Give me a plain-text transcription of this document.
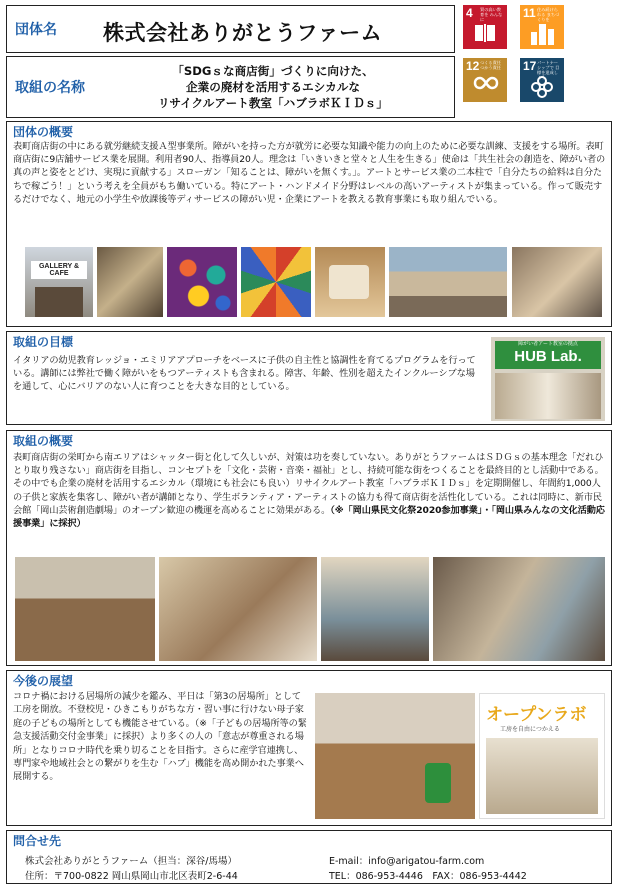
団体名 株式会社ありがとうファーム
取組の名称
「SDGｓな商店街」づくりに向けた、
企業の廃材を活用するエシカルな
リサイクルアート教室「ハブラボＫＩＤｓ」
4 質の高い教育を みんなに	11 住み続けられる まちづくりを
12 つくる責任 つかう責任	17 パートナーシップで 目標を達成しよう
団体の概要
表町商店街の中にある就労継続支援Ａ型事業所。障がいを持った方が就労に必要な知識や能力の向上のために必要な訓練、支援をする場所。表町商店街に9店舗サービス業を展開。利用者90人、指導員20人。理念は「いきいきと堂々と人生を生きる」使命は「共生社会の創造を、障がい者の真の声と姿をとどけ、実現に貢献する」スローガン「知ることは、障がいを無くす。」。アートとサービス業の二本柱で「自分たちの給料は自分たちで稼ごう！」という考えを全員がもち働いている。特にアート・ハンドメイド分野はレベルの高いアーティストが集まっている。作って販売するだけでなく、地元の小学生や放課後等ディサービスの障がい児・企業にアートを教える教育事業にも取り組んでいる。
GALLERY & CAFE
取組の目標
イタリアの幼児教育レッジョ・エミリアアプローチをベースに子供の自主性と協調性を育てるプログラムを行っている。講師には弊社で働く障がいをもつアーティストも含まれる。障害、年齢、性別を超えたインクルーシブな場を通して、心にバリアのない人に育つことを大きな目的としている。
障がい者アート教室の拠点
HUB Lab.
取組の概要
表町商店街の栄町から南エリアはシャッター街と化して久しいが、対策は功を奏していない。ありがとうファームはＳＤＧｓの基本理念「だれひとり取り残さない」商店街を目指し、コンセプトを「文化・芸術・音楽・福祉」とし、持続可能な街をつくることを最終目的とし活動中である。その中でも企業の廃材を活用するエシカル（環境にも社会にも良い）リサイクルアート教室「ハブラボＫＩＤｓ」を定期開催し、年間約1,000人の子供と家族を集客し、障がい者が講師となり、学生ボランティア・アーティストの協力も得て商店街を活性化している。これは同時に、新市民会館「岡山芸術創造劇場」のオープン歓迎の機運を高めることに効果がある。（※「岡山県民文化祭2020参加事業」・「岡山県みんなの文化活動応援事業」に採択）
今後の展望
コロナ禍における居場所の減少を鑑み、平日は「第3の居場所」として工房を開放。不登校児・ひきこもりがちな方・習い事に行けない母子家庭の子どもの場所としても機能させている。（※「子どもの居場所等の緊急支援活動交付金事業」に採択）より多くの人の「意志が尊重される場所」となりコロナ時代を乗り切ることを目指す。さらに産学官連携し、専門家や地域社会との繋がりを生む「ハブ」機能を高め開かれた事業へ展開する。
オープンラボ
工房を自由につかえる
問合せ先
株式会社ありがとうファーム（担当：深谷/馬場）
住所：〒700-0822 岡山県岡山市北区表町2-6-44
E-mail：info@arigatou-farm.com
TEL：086-953-4446　FAX：086-953-4442
